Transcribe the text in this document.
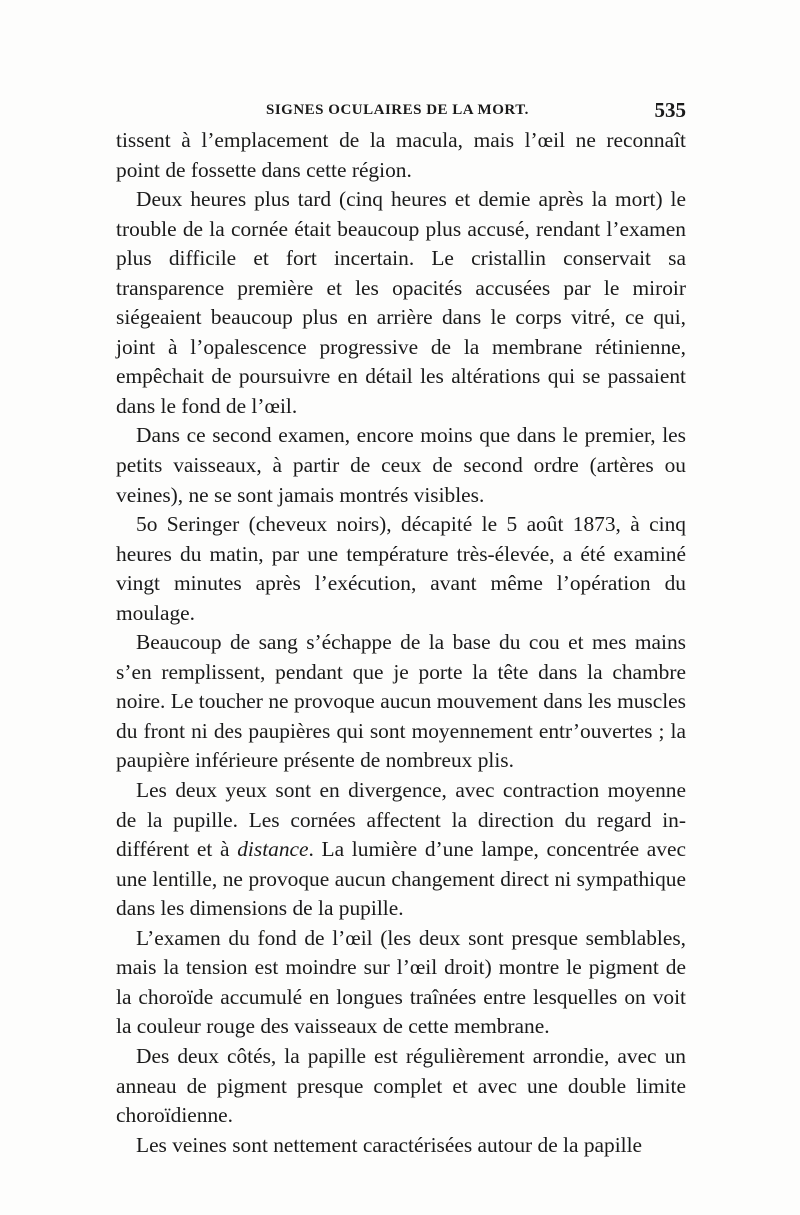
SIGNES OCULAIRES DE LA MORT.	535

tissent à l’emplacement de la macula, mais l’œil ne reconnaît point de fossette dans cette région.

Deux heures plus tard (cinq heures et demie après la mort) le trouble de la cornée était beaucoup plus accusé, rendant l’examen plus difficile et fort incertain. Le cristallin conservait sa transparence première et les opacités accusées par le miroir siégeaient beaucoup plus en arrière dans le corps vitré, ce qui, joint à l’opalescence progressive de la membrane rétinienne, empêchait de poursuivre en détail les altérations qui se passaient dans le fond de l’œil.

Dans ce second examen, encore moins que dans le premier, les petits vaisseaux, à partir de ceux de second ordre (artères ou veines), ne se sont jamais montrés visibles.

5o Seringer (cheveux noirs), décapité le 5 août 1873, à cinq heures du matin, par une température très-élevée, a été examiné vingt minutes après l’exécution, avant même l’opération du moulage.

Beaucoup de sang s’échappe de la base du cou et mes mains s’en remplissent, pendant que je porte la tête dans la chambre noire. Le toucher ne provoque aucun mouvement dans les muscles du front ni des paupières qui sont moyennement entr’ouvertes ; la paupière inférieure présente de nombreux plis.

Les deux yeux sont en divergence, avec contraction moyenne de la pupille. Les cornées affectent la direction du regard indifférent et à distance. La lumière d’une lampe, concentrée avec une lentille, ne provoque aucun changement direct ni sympathique dans les dimensions de la pupille.

L’examen du fond de l’œil (les deux sont presque semblables, mais la tension est moindre sur l’œil droit) montre le pigment de la choroïde accumulé en longues traînées entre lesquelles on voit la couleur rouge des vaisseaux de cette membrane.

Des deux côtés, la papille est régulièrement arrondie, avec un anneau de pigment presque complet et avec une double limite choroïdienne.

Les veines sont nettement caractérisées autour de la papille
